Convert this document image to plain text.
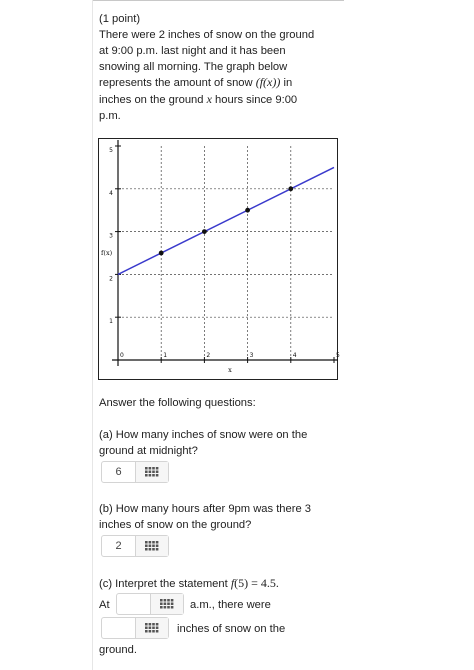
(1 point)
There were 2 inches of snow on the ground
at 9:00 p.m. last night and it has been
snowing all morning. The graph below
represents the amount of snow (f(x)) in
inches on the ground x hours since 9:00
p.m.
0	1	2	3	4	5
1
2
3
4
5
f(x)
x
Answer the following questions:
(a) How many inches of snow were on the
ground at midnight?
6
(b) How many hours after 9pm was there 3
inches of snow on the ground?
2
(c) Interpret the statement f(5) = 4.5.
At	a.m., there were
inches of snow on the
ground.
